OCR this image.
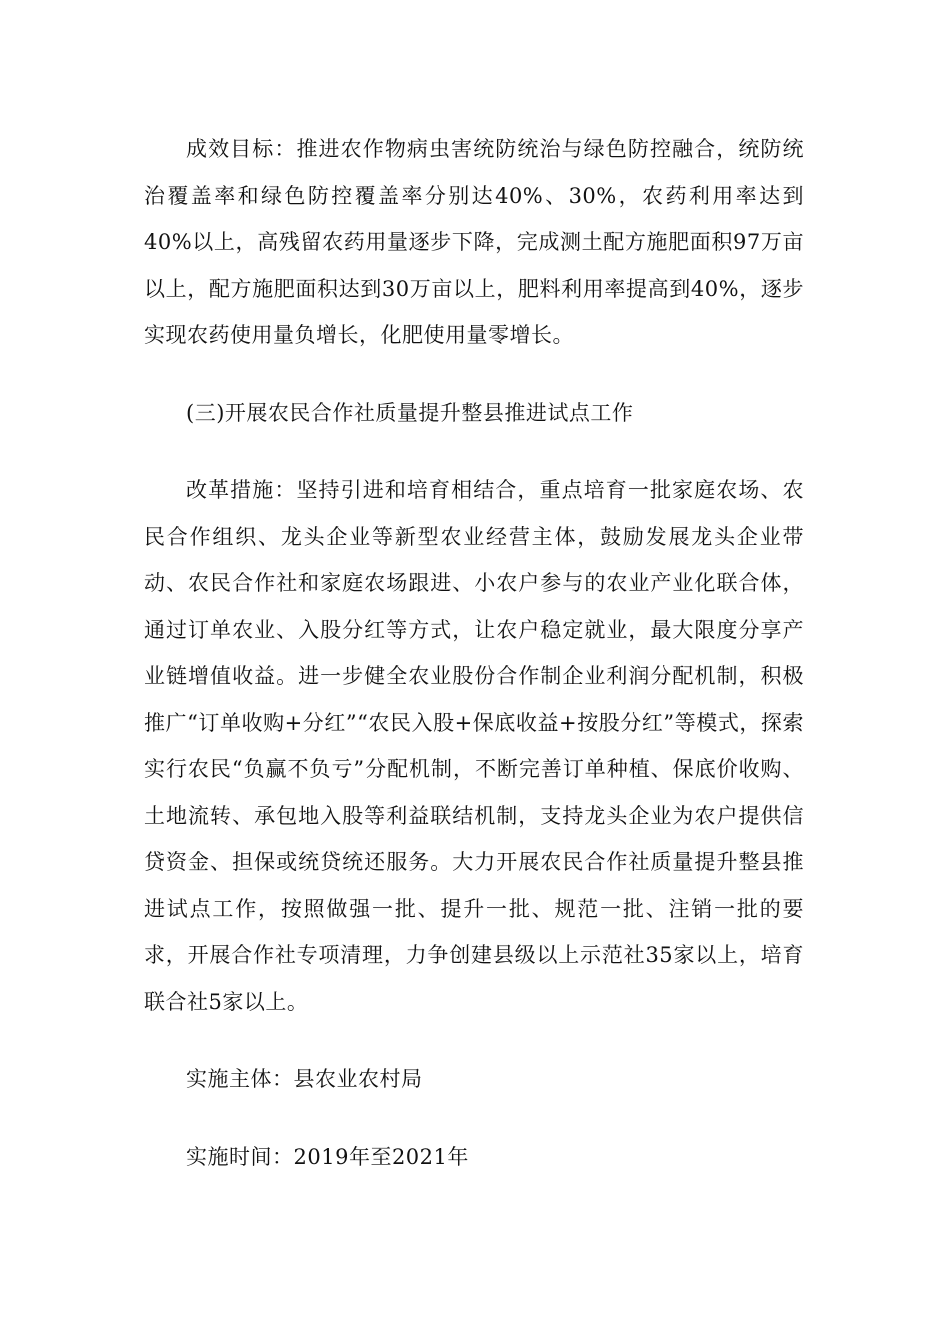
成效目标：推进农作物病虫害统防统治与绿色防控融合，统防统治覆盖率和绿色防控覆盖率分别达40%、30%，农药利用率达到40%以上，高残留农药用量逐步下降，完成测土配方施肥面积97万亩以上，配方施肥面积达到30万亩以上，肥料利用率提高到40%，逐步实现农药使用量负增长，化肥使用量零增长。

(三)开展农民合作社质量提升整县推进试点工作

改革措施：坚持引进和培育相结合，重点培育一批家庭农场、农民合作组织、龙头企业等新型农业经营主体，鼓励发展龙头企业带动、农民合作社和家庭农场跟进、小农户参与的农业产业化联合体，通过订单农业、入股分红等方式，让农户稳定就业，最大限度分享产业链增值收益。进一步健全农业股份合作制企业利润分配机制，积极推广“订单收购+分红”“农民入股+保底收益+按股分红”等模式，探索实行农民“负赢不负亏”分配机制，不断完善订单种植、保底价收购、土地流转、承包地入股等利益联结机制，支持龙头企业为农户提供信贷资金、担保或统贷统还服务。大力开展农民合作社质量提升整县推进试点工作，按照做强一批、提升一批、规范一批、注销一批的要求，开展合作社专项清理，力争创建县级以上示范社35家以上，培育联合社5家以上。

实施主体：县农业农村局

实施时间：2019年至2021年
